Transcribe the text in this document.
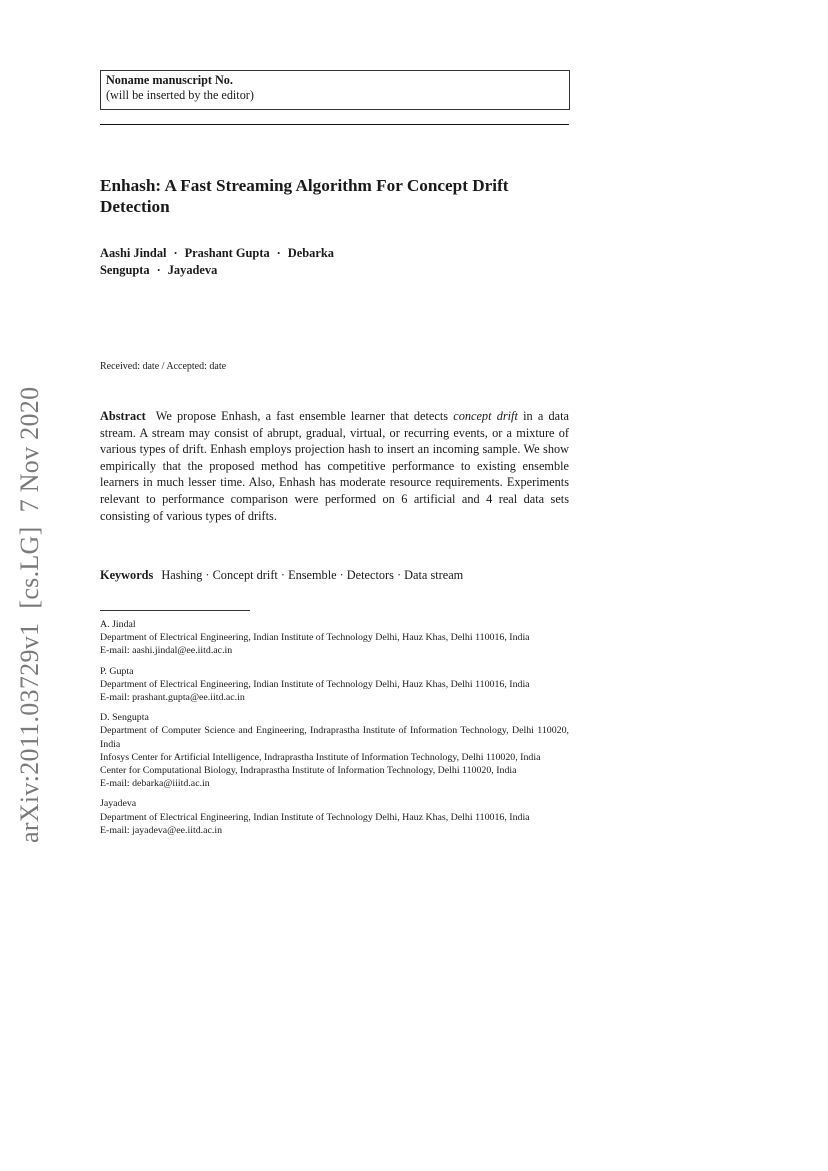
Noname manuscript No.
(will be inserted by the editor)
Enhash: A Fast Streaming Algorithm For Concept Drift Detection
Aashi Jindal · Prashant Gupta · Debarka
Sengupta · Jayadeva
Received: date / Accepted: date

Abstract We propose Enhash, a fast ensemble learner that detects concept drift in a data stream. A stream may consist of abrupt, gradual, virtual, or recurring events, or a mixture of various types of drift. Enhash employs projection hash to insert an incoming sample. We show empirically that the proposed method has competitive performance to existing ensemble learners in much lesser time. Also, Enhash has moderate resource requirements. Experiments relevant to performance comparison were performed on 6 artificial and 4 real data sets consisting of various types of drifts.

Keywords Hashing · Concept drift · Ensemble · Detectors · Data stream
A. Jindal
Department of Electrical Engineering, Indian Institute of Technology Delhi, Hauz Khas, Delhi 110016, India
E-mail: aashi.jindal@ee.iitd.ac.in
P. Gupta
Department of Electrical Engineering, Indian Institute of Technology Delhi, Hauz Khas, Delhi 110016, India
E-mail: prashant.gupta@ee.iitd.ac.in
D. Sengupta
Department of Computer Science and Engineering, Indraprastha Institute of Information Technology, Delhi 110020, India
Infosys Center for Artificial Intelligence, Indraprastha Institute of Information Technology, Delhi 110020, India
Center for Computational Biology, Indraprastha Institute of Information Technology, Delhi 110020, India
E-mail: debarka@iiitd.ac.in
Jayadeva
Department of Electrical Engineering, Indian Institute of Technology Delhi, Hauz Khas, Delhi 110016, India
E-mail: jayadeva@ee.iitd.ac.in
arXiv:2011.03729v1[cs.LG]7 Nov 2020
